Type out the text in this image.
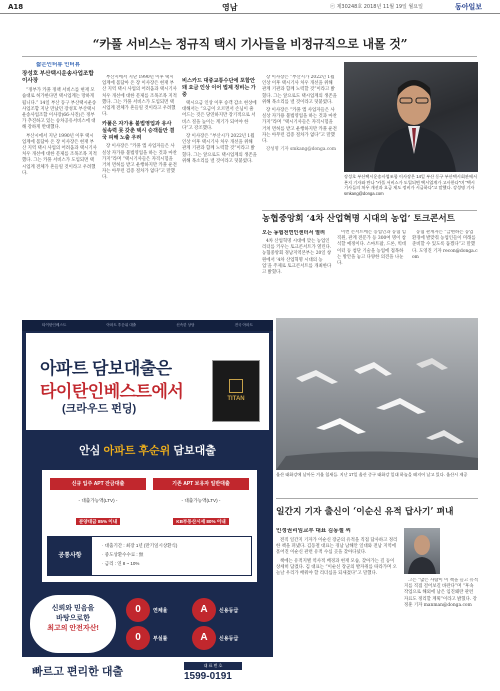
A18	영남	ⓔ 제30248호 2018년 11월 19일 월요일	동아일보
“카풀 서비스는 정규직 택시 기사들을 비정규직으로 내몰 것”
짧은인터뷰 인터뷰
장성호 부산택시운송사업조합 이사장

“정부가 카풀 정책 서비스를 현재 모습대로 허가한다면 택시업계는 망하게 됩니다.” 14일 부산 동구 부산택시운송사업조합 지난 만났던 장성호 부산택시운송사업조합 이사장(66·사진)은 정부가 추진하고 있는 승차공유서비스에 대해 강하게 반대했다.

부산시에서 지난 1990년 이후 택시업계에 몸담아 온 장 이사장은 현재 부산 지역 택시 사업의 어려움과 택시기사 처우 개선에 대한 문제를 조목조목 지적했다. 그는 카풀 서비스가 도입되면 택시업계 전체가 흔들릴 것이라고 우려했다.

부산시에서 지난 1990년 이후 택시업계에 몸담아 온 장 이사장은 현재 부산 지역 택시 사업의 어려움과 택시기사 처우 개선에 대한 문제를 조목조목 지적했다. 그는 카풀 서비스가 도입되면 택시업계 전체가 흔들릴 것이라고 우려했다.

카풀은 자가용 불법영업과 유사 실속력 못 갖춘 택시 승객들만 결국 피해 노출 우려

장 이사장은 “카풀 앱 사업자들은 사실상 자가용 불법영업을 하는 것과 마찬가지”라며 “택시기사들은 자격시험을 거쳐 면허를 받고 운행하지만 카풀 운전자는 아무런 검증 절차가 없다”고 말했다.

비스카드 대중교통수단에 포함안돼 요금 인상 이어 법제 정비는 가중

택시요금 인상 이후 승객 감소 현상에 대해서는 “요금이 오르면서 손님이 줄어드는 것은 당연하지만 장기적으로 서비스 질을 높이는 계기가 되어야 한다”고 강조했다.

장 이사장은 “부산시가 2022년 1월 인상 이후 택시기사 처우 개선을 위해 관계 기관과 함께 노력할 것”이라고 밝혔다. 그는 앞으로도 택시업계의 생존을 위해 목소리를 낼 것이라고 덧붙였다.

장 이사장은 “부산시가 2022년 1월 인상 이후 택시기사 처우 개선을 위해 관계 기관과 함께 노력할 것”이라고 밝혔다. 그는 앞으로도 택시업계의 생존을 위해 목소리를 낼 것이라고 덧붙였다.

장 이사장은 “카풀 앱 사업자들은 사실상 자가용 불법영업을 하는 것과 마찬가지”라며 “택시기사들은 자격시험을 거쳐 면허를 받고 운행하지만 카풀 운전자는 아무런 검증 절차가 없다”고 말했다.

강성명 기자 smkang@donga.com

장성호 부산택시운송사업조합 이사장은 14일 부산 동구 부산택시회관에서 본지 기자와 만나 “카풀 서비스가 도입되면 택시업계가 고사한다”며 “택시 기사들의 처우 개선과 요금 제도 정비가 시급하다”고 말했다. 강성명 기자 smkang@donga.com
농협중앙회 ‘4차 산업혁명 시대의 농업’ 토크콘서트
오는 농협전연인센터서 열려

4차 산업혁명 시대에 맞는 농업인 리더를 키우는 토크콘서트가 열린다. 농협중앙회 경남지역본부는 20일 창원에서 ‘4차 산업혁명 시대의 농업’을 주제로 토크콘서트를 개최한다고 밝혔다.

이번 콘서트에는 농업인과 농협 임직원, 관계 전문가 등 300여 명이 참석할 예정이다. 스마트팜, 드론, 빅데이터 등 첨단 기술을 농업에 접목하는 방안을 놓고 다양한 의견을 나눈다.

농협 관계자는 “급변하는 농업 환경에 발맞춰 농업인들이 미래를 준비할 수 있도록 돕겠다”고 말했다. 도영진 기자 recon@donga.com

울산 태화강에 날아든 겨울 철새들. 지난 17일 울산 중구 태화강 일대 하늘을 떼지어 날고 있다. 울산시 제공
일간지 기자 출신이 ‘이순신 유적 답사기’ 펴내
인정권리임교부 대표 김동철 씨

전직 일간지 기자가 이순신 장군의 유적을 직접 답사하고 정리한 책을 펴냈다. 김동철 대표는 경남 남해안 일대와 전남 지역에 흩어진 이순신 관련 유적 수십 곳을 찾아다녔다.

책에는 유적지별 역사적 배경과 현재 모습, 찾아가는 길 등이 상세히 담겼다. 김 대표는 “이순신 장군의 발자취를 따라가며 오늘날 우리가 배워야 할 리더십을 되새겼다”고 말했다.

그는 “많은 사람이 이 책을 들고 유적지를 직접 걸어보길 바란다”며 “후속 작업으로 해외에 남은 임진왜란 관련 자료도 정리할 계획”이라고 밝혔다. 강정훈 기자 manman@donga.com

타이탄인베스트	아파트 후순위 대출	신속한 상담	전국 아파트
아파트 담보대출은
타이탄인베스트에서
(크라우드 펀딩)
TITAN
안심 아파트 후순위 담보대출
신규 입주 APT 잔금대출	기존 APT 보유자 일반대출
- 대출가능액(LTV) -	- 대출가능액(LTV) -
분양대금 85% 이내	KB부동산시세 80% 이내
공통사항
· 대출기간 : 최장 1년 (만기일시상환식)
· 중도상환수수료 : 無
· 금리 : 연 8 ~ 10%
신뢰와 믿음을
바탕으로한
최고의 안전자산!
0	연체율	A	신용등급
0	부실률	A	신용등급
빠르고 편리한 대출
대 표 번 호
1599-0191
